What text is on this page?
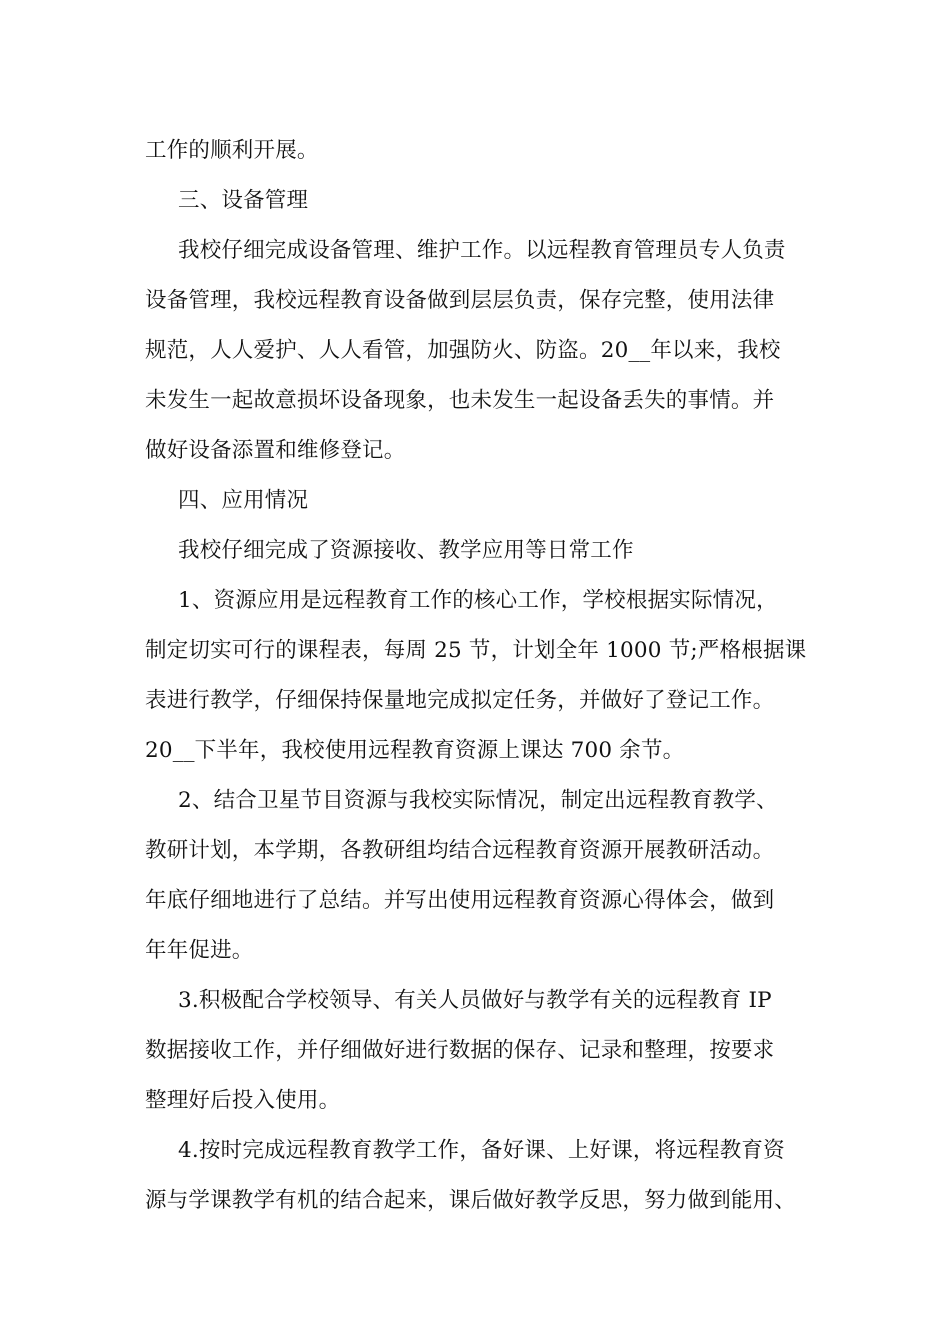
工作的顺利开展。
三、设备管理
我校仔细完成设备管理、维护工作。以远程教育管理员专人负责
设备管理，我校远程教育设备做到层层负责，保存完整，使用法律
规范，人人爱护、人人看管，加强防火、防盗。20__年以来，我校
未发生一起故意损坏设备现象，也未发生一起设备丢失的事情。并
做好设备添置和维修登记。
四、应用情况
我校仔细完成了资源接收、教学应用等日常工作
1、资源应用是远程教育工作的核心工作，学校根据实际情况，
制定切实可行的课程表，每周 25 节，计划全年 1000 节;严格根据课
表进行教学，仔细保持保量地完成拟定任务，并做好了登记工作。
20__下半年，我校使用远程教育资源上课达 700 余节。
2、结合卫星节目资源与我校实际情况，制定出远程教育教学、
教研计划，本学期，各教研组均结合远程教育资源开展教研活动。
年底仔细地进行了总结。并写出使用远程教育资源心得体会，做到
年年促进。
3.积极配合学校领导、有关人员做好与教学有关的远程教育 IP
数据接收工作，并仔细做好进行数据的保存、记录和整理，按要求
整理好后投入使用。
4.按时完成远程教育教学工作，备好课、上好课，将远程教育资
源与学课教学有机的结合起来，课后做好教学反思，努力做到能用、
